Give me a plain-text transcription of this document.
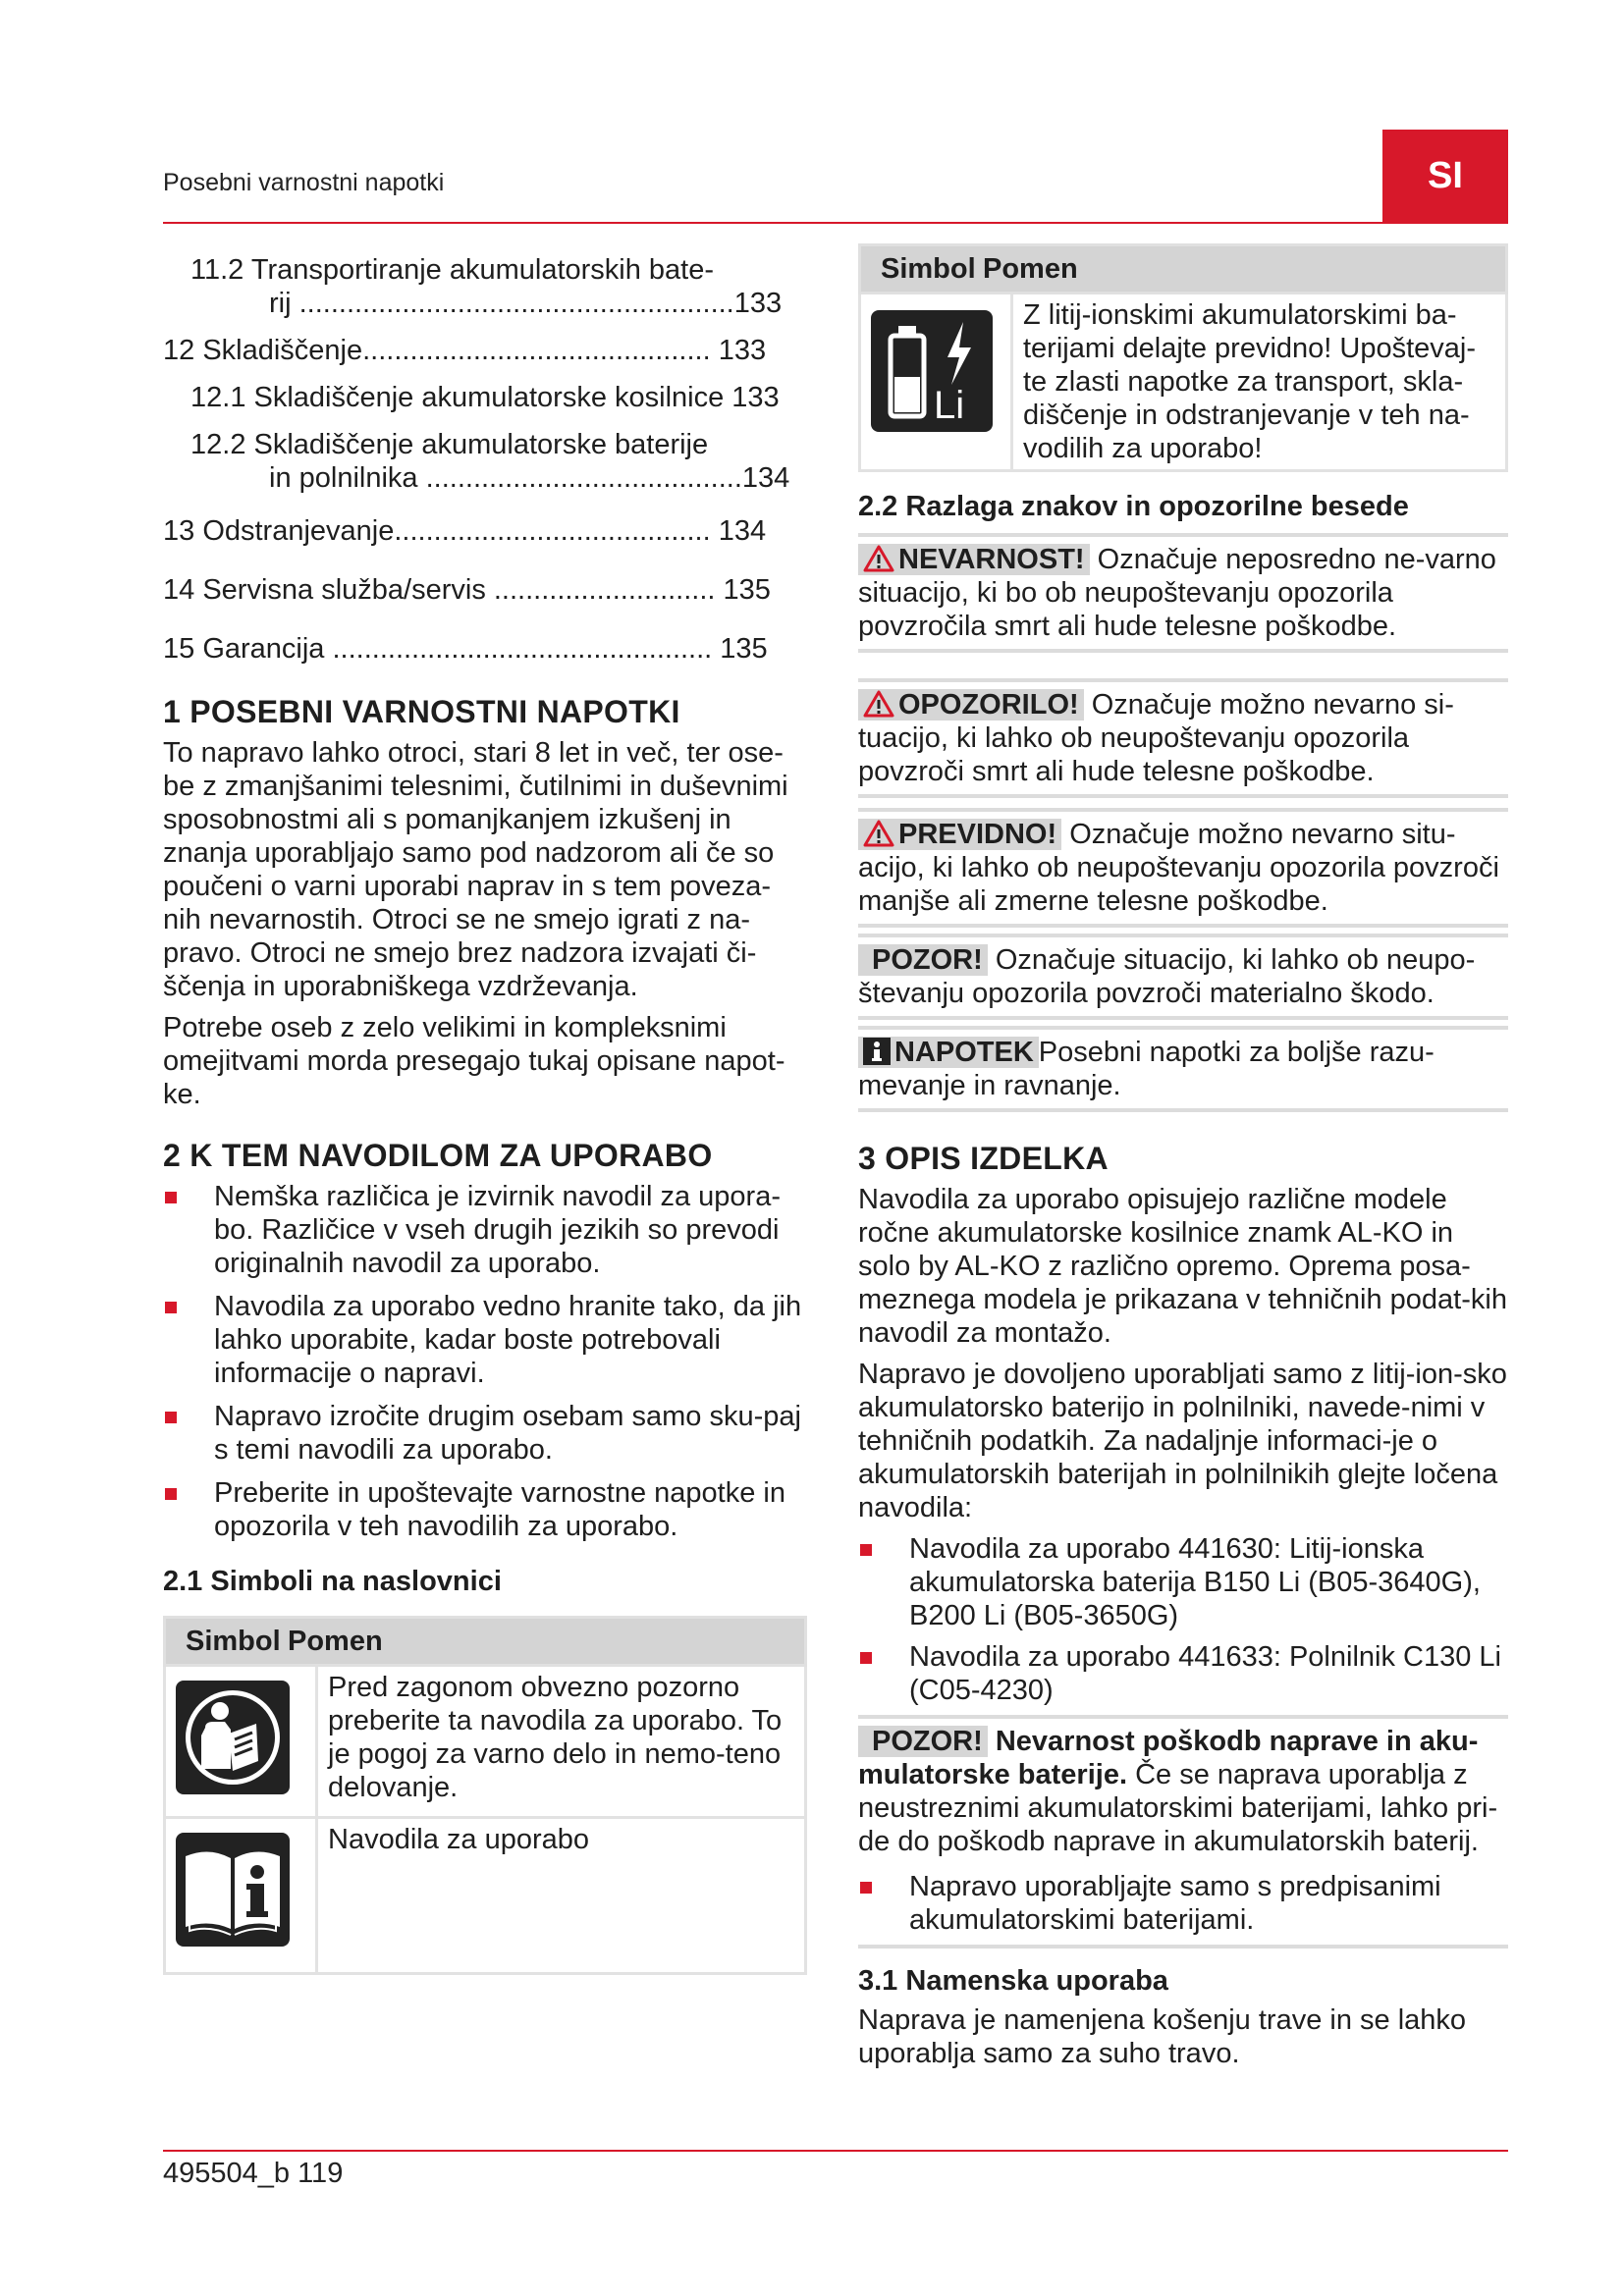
Posebni varnostni napotki	SI
11.2 Transportiranje akumulatorskih bate-
rij .......................................................133
12 Skladiščenje............................................ 133
12.1 Skladiščenje akumulatorske kosilnice 133
12.2 Skladiščenje akumulatorske baterije
in polnilnika ........................................134
13 Odstranjevanje........................................ 134
14 Servisna služba/servis ............................ 135
15 Garancija ................................................ 135
1 POSEBNI VARNOSTNI NAPOTKI

To napravo lahko otroci, stari 8 let in več, ter ose-be z zmanjšanimi telesnimi, čutilnimi in duševnimi sposobnostmi ali s pomanjkanjem izkušenj in znanja uporabljajo samo pod nadzorom ali če so poučeni o varni uporabi naprav in s tem poveza-nih nevarnostih. Otroci se ne smejo igrati z na-pravo. Otroci ne smejo brez nadzora izvajati či-ščenja in uporabniškega vzdrževanja.

Potrebe oseb z zelo velikimi in kompleksnimi omejitvami morda presegajo tukaj opisane napot-ke.

2 K TEM NAVODILOM ZA UPORABO
Nemška različica je izvirnik navodil za upora-bo. Različice v vseh drugih jezikih so prevodi originalnih navodil za uporabo.
Navodila za uporabo vedno hranite tako, da jih lahko uporabite, kadar boste potrebovali informacije o napravi.
Napravo izročite drugim osebam samo sku-paj s temi navodili za uporabo.
Preberite in upoštevajte varnostne napotke in opozorila v teh navodilih za uporabo.
2.1 Simboli na naslovnici
Simbol Pomen	
	Pred zagonom obvezno pozorno preberite ta navodila za uporabo. To je pogoj za varno delo in nemo-teno delovanje.
	Navodila za uporabo
Simbol Pomen

Li
	Z litij-ionskimi akumulatorskimi ba-terijami delajte previdno! Upoštevaj-te zlasti napotke za transport, skla-diščenje in odstranjevanje v teh na-vodilih za uporabo!
2.2 Razlaga znakov in opozorilne besede
NEVARNOST! Označuje neposredno ne-varno situacijo, ki bo ob neupoštevanju opozorila povzročila smrt ali hude telesne poškodbe.
OPOZORILO! Označuje možno nevarno si-tuacijo, ki lahko ob neupoštevanju opozorila povzroči smrt ali hude telesne poškodbe.
PREVIDNO! Označuje možno nevarno situ-acijo, ki lahko ob neupoštevanju opozorila povzroči manjše ali zmerne telesne poškodbe.
POZOR! Označuje situacijo, ki lahko ob neupo-števanju opozorila povzroči materialno škodo.
NAPOTEK Posebni napotki za boljše razu-mevanje in ravnanje.
3 OPIS IZDELKA

Navodila za uporabo opisujejo različne modele ročne akumulatorske kosilnice znamk AL-KO in solo by AL-KO z različno opremo. Oprema posa-meznega modela je prikazana v tehničnih podat-kih navodil za montažo.

Napravo je dovoljeno uporabljati samo z litij-ion-sko akumulatorsko baterijo in polnilniki, navede-nimi v tehničnih podatkih. Za nadaljnje informaci-je o akumulatorskih baterijah in polnilnikih glejte ločena navodila:

Navodila za uporabo 441630: Litij-ionska akumulatorska baterija B150 Li (B05-3640G), B200 Li (B05-3650G)
Navodila za uporabo 441633: Polnilnik C130 Li (C05-4230)
POZOR! Nevarnost poškodb naprave in aku-mulatorske baterije. Če se naprava uporablja z neustreznimi akumulatorskimi baterijami, lahko pri-de do poškodb naprave in akumulatorskih baterij.
Napravo uporabljajte samo s predpisanimi akumulatorskimi baterijami.
3.1 Namenska uporaba

Naprava je namenjena košenju trave in se lahko uporablja samo za suho travo.

495504_b 119
